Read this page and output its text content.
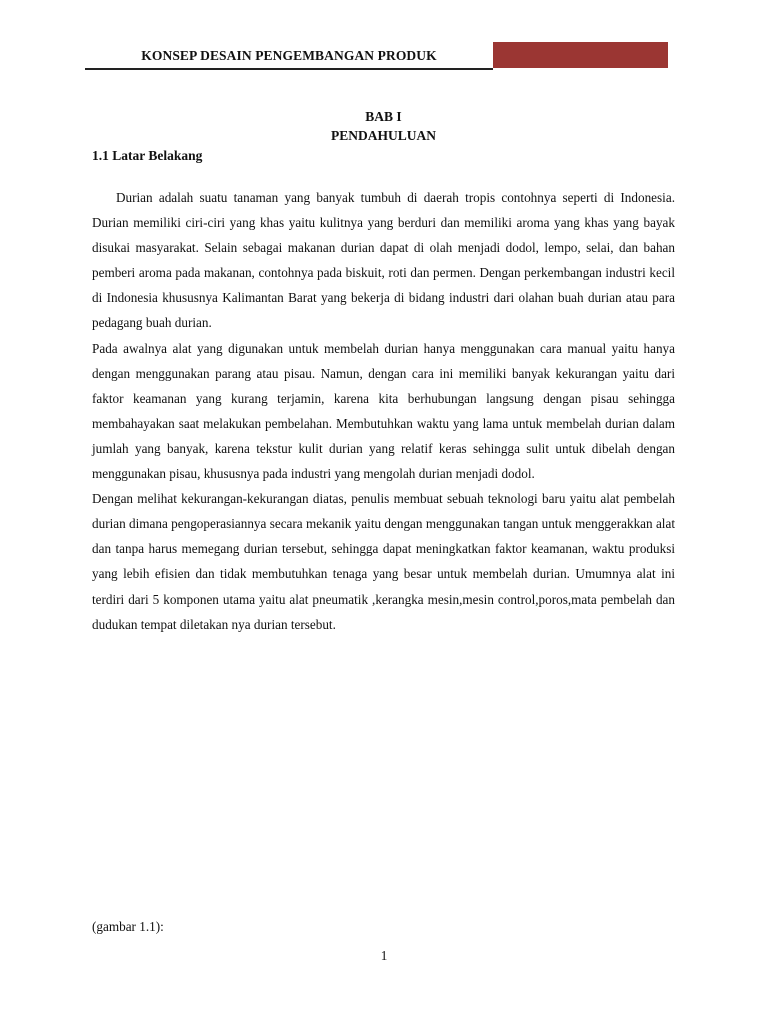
KONSEP DESAIN PENGEMBANGAN PRODUK
BAB I
PENDAHULUAN
1.1 Latar Belakang

Durian adalah suatu tanaman yang banyak tumbuh di daerah tropis contohnya seperti di Indonesia. Durian memiliki ciri-ciri yang khas yaitu kulitnya yang berduri dan memiliki aroma yang khas yang bayak disukai masyarakat. Selain sebagai makanan durian dapat di olah menjadi dodol, lempo, selai, dan bahan pemberi aroma pada makanan, contohnya pada biskuit, roti dan permen. Dengan perkembangan industri kecil di Indonesia khususnya Kalimantan Barat yang bekerja di bidang industri dari olahan buah durian atau para pedagang buah durian.

Pada awalnya alat yang digunakan untuk membelah durian hanya menggunakan cara manual yaitu hanya dengan menggunakan parang atau pisau. Namun, dengan cara ini memiliki banyak kekurangan yaitu dari faktor keamanan yang kurang terjamin, karena kita berhubungan langsung dengan pisau sehingga membahayakan saat melakukan pembelahan. Membutuhkan waktu yang lama untuk membelah durian dalam jumlah yang banyak, karena tekstur kulit durian yang relatif keras sehingga sulit untuk dibelah dengan menggunakan pisau, khususnya pada industri yang mengolah durian menjadi dodol.

Dengan melihat kekurangan-kekurangan diatas, penulis membuat sebuah teknologi baru yaitu alat pembelah durian dimana pengoperasiannya secara mekanik yaitu dengan menggunakan tangan untuk menggerakkan alat dan tanpa harus memegang durian tersebut, sehingga dapat meningkatkan faktor keamanan, waktu produksi yang lebih efisien dan tidak membutuhkan tenaga yang besar untuk membelah durian. Umumnya alat ini terdiri dari 5 komponen utama yaitu alat pneumatik ,kerangka mesin,mesin control,poros,mata pembelah dan dudukan tempat diletakan nya durian tersebut.

(gambar 1.1):
1
